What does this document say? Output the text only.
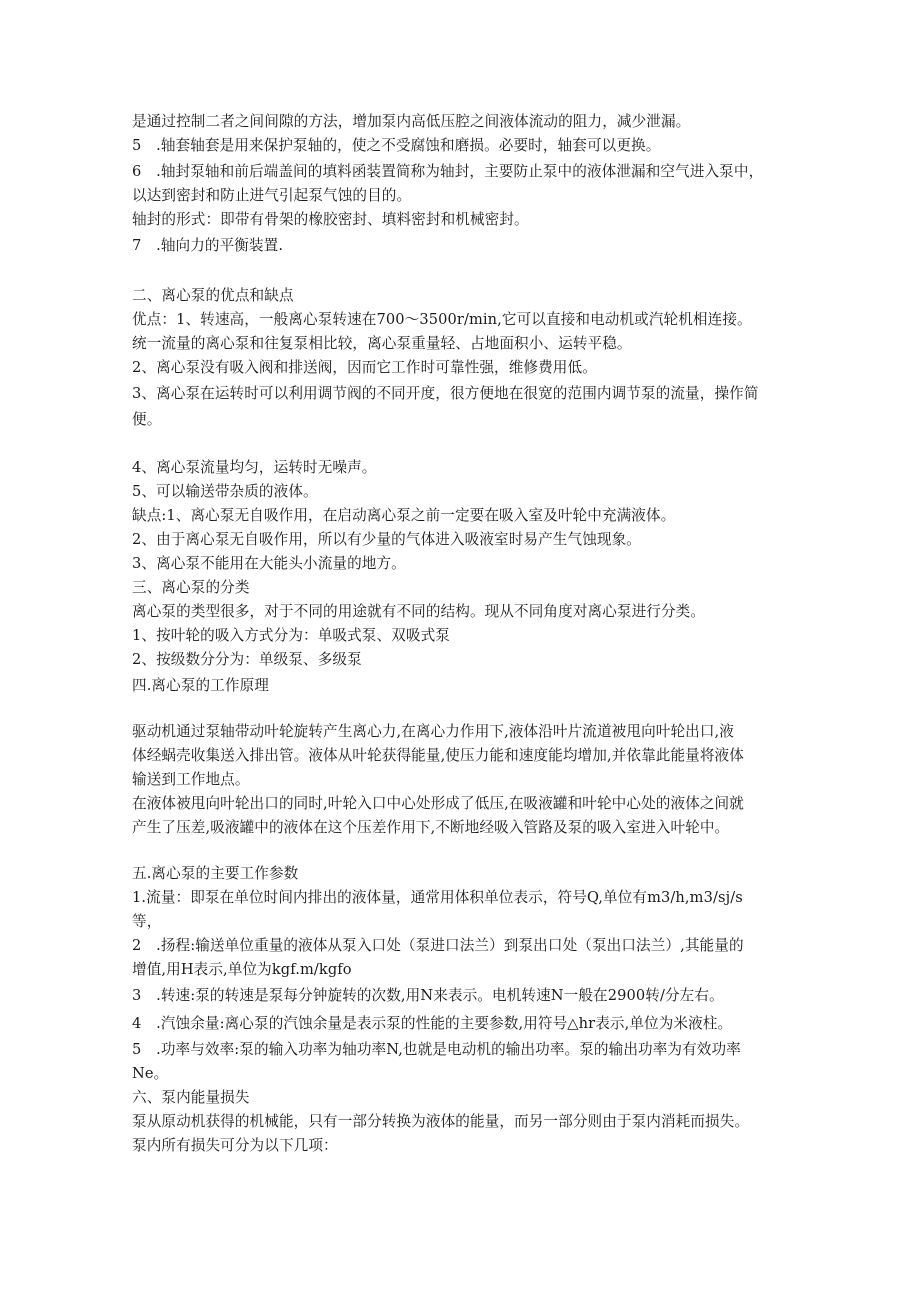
是通过控制二者之间间隙的方法，增加泵内高低压腔之间液体流动的阻力，减少泄漏。
5　.轴套轴套是用来保护泵轴的，使之不受腐蚀和磨损。必要时，轴套可以更换。
6　.轴封泵轴和前后端盖间的填料函装置简称为轴封，主要防止泵中的液体泄漏和空气进入泵中，
以达到密封和防止进气引起泵气蚀的目的。
轴封的形式：即带有骨架的橡胶密封、填料密封和机械密封。
7　.轴向力的平衡装置.
二、离心泵的优点和缺点
优点：1、转速高，一般离心泵转速在700～3500r/min,它可以直接和电动机或汽轮机相连接。
统一流量的离心泵和往复泵相比较，离心泵重量轻、占地面积小、运转平稳。
2、离心泵没有吸入阀和排送阀，因而它工作时可靠性强，维修费用低。
3、离心泵在运转时可以利用调节阀的不同开度，很方便地在很宽的范围内调节泵的流量，操作简
便。
4、离心泵流量均匀，运转时无噪声。
5、可以输送带杂质的液体。
缺点:1、离心泵无自吸作用，在启动离心泵之前一定要在吸入室及叶轮中充满液体。
2、由于离心泵无自吸作用，所以有少量的气体进入吸液室时易产生气蚀现象。
3、离心泵不能用在大能头小流量的地方。
三、离心泵的分类
离心泵的类型很多，对于不同的用途就有不同的结构。现从不同角度对离心泵进行分类。
1、按叶轮的吸入方式分为：单吸式泵、双吸式泵
2、按级数分分为：单级泵、多级泵
四.离心泵的工作原理
驱动机通过泵轴带动叶轮旋转产生离心力,在离心力作用下,液体沿叶片流道被甩向叶轮出口,液
体经蜗壳收集送入排出管。液体从叶轮获得能量,使压力能和速度能均增加,并依靠此能量将液体
输送到工作地点。
在液体被甩向叶轮出口的同时,叶轮入口中心处形成了低压,在吸液罐和叶轮中心处的液体之间就
产生了压差,吸液罐中的液体在这个压差作用下,不断地经吸入管路及泵的吸入室进入叶轮中。
五.离心泵的主要工作参数
1.流量：即泵在单位时间内排出的液体量，通常用体积单位表示，符号Q,单位有m3/h,m3/sj/s
等，
2　.扬程:输送单位重量的液体从泵入口处（泵进口法兰）到泵出口处（泵出口法兰）,其能量的
增值,用H表示,单位为kgf.m/kgfo
3　.转速:泵的转速是泵每分钟旋转的次数,用N来表示。电机转速N一般在2900转/分左右。
4　.汽蚀余量:离心泵的汽蚀余量是表示泵的性能的主要参数,用符号△hr表示,单位为米液柱。
5　.功率与效率:泵的输入功率为轴功率N,也就是电动机的输出功率。泵的输出功率为有效功率
Ne。
六、泵内能量损失
泵从原动机获得的机械能，只有一部分转换为液体的能量，而另一部分则由于泵内消耗而损失。
泵内所有损失可分为以下几项：
